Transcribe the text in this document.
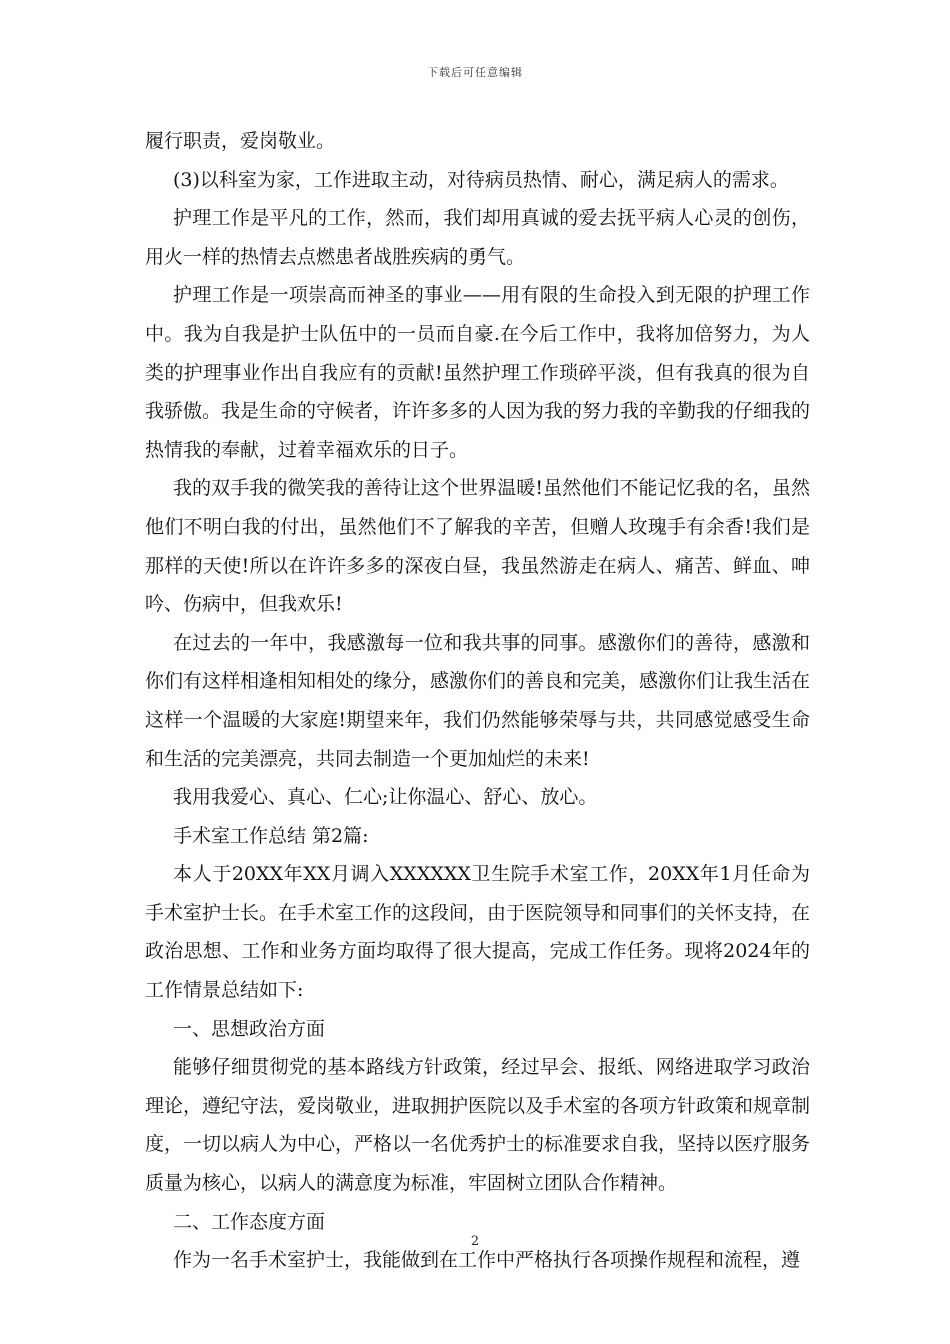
下载后可任意编辑

履行职责，爱岗敬业。

(3)以科室为家，工作进取主动，对待病员热情、耐心，满足病人的需求。

护理工作是平凡的工作，然而，我们却用真诚的爱去抚平病人心灵的创伤，用火一样的热情去点燃患者战胜疾病的勇气。

护理工作是一项崇高而神圣的事业——用有限的生命投入到无限的护理工作中。我为自我是护士队伍中的一员而自豪.在今后工作中，我将加倍努力，为人类的护理事业作出自我应有的贡献!虽然护理工作琐碎平淡，但有我真的很为自我骄傲。我是生命的守候者，许许多多的人因为我的努力我的辛勤我的仔细我的热情我的奉献，过着幸福欢乐的日子。

我的双手我的微笑我的善待让这个世界温暖!虽然他们不能记忆我的名，虽然他们不明白我的付出，虽然他们不了解我的辛苦，但赠人玫瑰手有余香!我们是那样的天使!所以在许许多多的深夜白昼，我虽然游走在病人、痛苦、鲜血、呻吟、伤病中，但我欢乐!

在过去的一年中，我感激每一位和我共事的同事。感激你们的善待，感激和你们有这样相逢相知相处的缘分，感激你们的善良和完美，感激你们让我生活在这样一个温暖的大家庭!期望来年，我们仍然能够荣辱与共，共同感觉感受生命和生活的完美漂亮，共同去制造一个更加灿烂的未来!

我用我爱心、真心、仁心;让你温心、舒心、放心。

手术室工作总结 第2篇:

本人于20XX年XX月调入XXXXXX卫生院手术室工作，20XX年1月任命为手术室护士长。在手术室工作的这段间，由于医院领导和同事们的关怀支持，在政治思想、工作和业务方面均取得了很大提高，完成工作任务。现将2024年的工作情景总结如下:

一、思想政治方面

能够仔细贯彻党的基本路线方针政策，经过早会、报纸、网络进取学习政治理论，遵纪守法，爱岗敬业，进取拥护医院以及手术室的各项方针政策和规章制度，一切以病人为中心，严格以一名优秀护士的标准要求自我，坚持以医疗服务质量为核心，以病人的满意度为标准，牢固树立团队合作精神。

二、工作态度方面

作为一名手术室护士，我能做到在工作中严格执行各项操作规程和流程，遵

2
